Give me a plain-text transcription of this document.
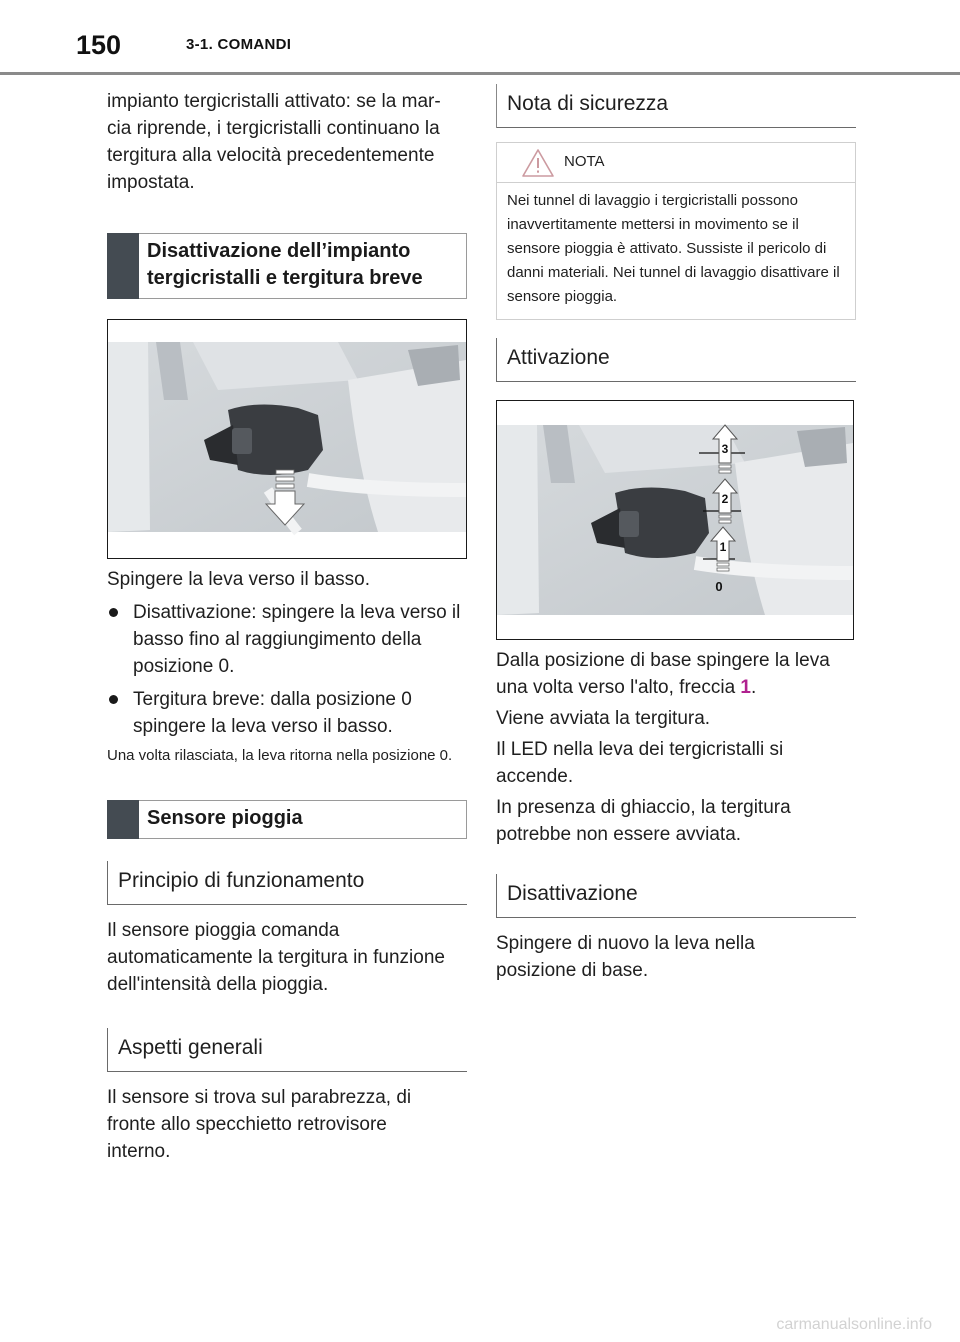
150	3-1. COMANDI

impianto tergicristalli attivato: se la mar-
cia riprende, i tergicristalli continuano la
tergitura alla velocità precedentemente
impostata.

Disattivazione dell’impianto tergicristalli e tergitura breve

Spingere la leva verso il basso.

Disattivazione: spingere la leva verso il basso fino al raggiungimento della posizione 0.
Tergitura breve: dalla posizione 0 spingere la leva verso il basso.

Una volta rilasciata, la leva ritorna nella posizione 0.

Sensore pioggia
Principio di funzionamento

Il sensore pioggia comanda automaticamente la tergitura in funzione dell'intensità della pioggia.

Aspetti generali

Il sensore si trova sul parabrezza, di fronte allo specchietto retrovisore interno.

Nota di sicurezza
NOTA
Nei tunnel di lavaggio i tergicristalli possono inavvertitamente mettersi in movimento se il sensore pioggia è attivato. Sussiste il pericolo di danni materiali. Nei tunnel di lavaggio disattivare il sensore pioggia.
Attivazione
3
2
1
0

Dalla posizione di base spingere la leva una volta verso l'alto, freccia 1.

Viene avviata la tergitura.

Il LED nella leva dei tergicristalli si accende.

In presenza di ghiaccio, la tergitura potrebbe non essere avviata.

Disattivazione

Spingere di nuovo la leva nella posizione di base.

carmanualsonline.info
